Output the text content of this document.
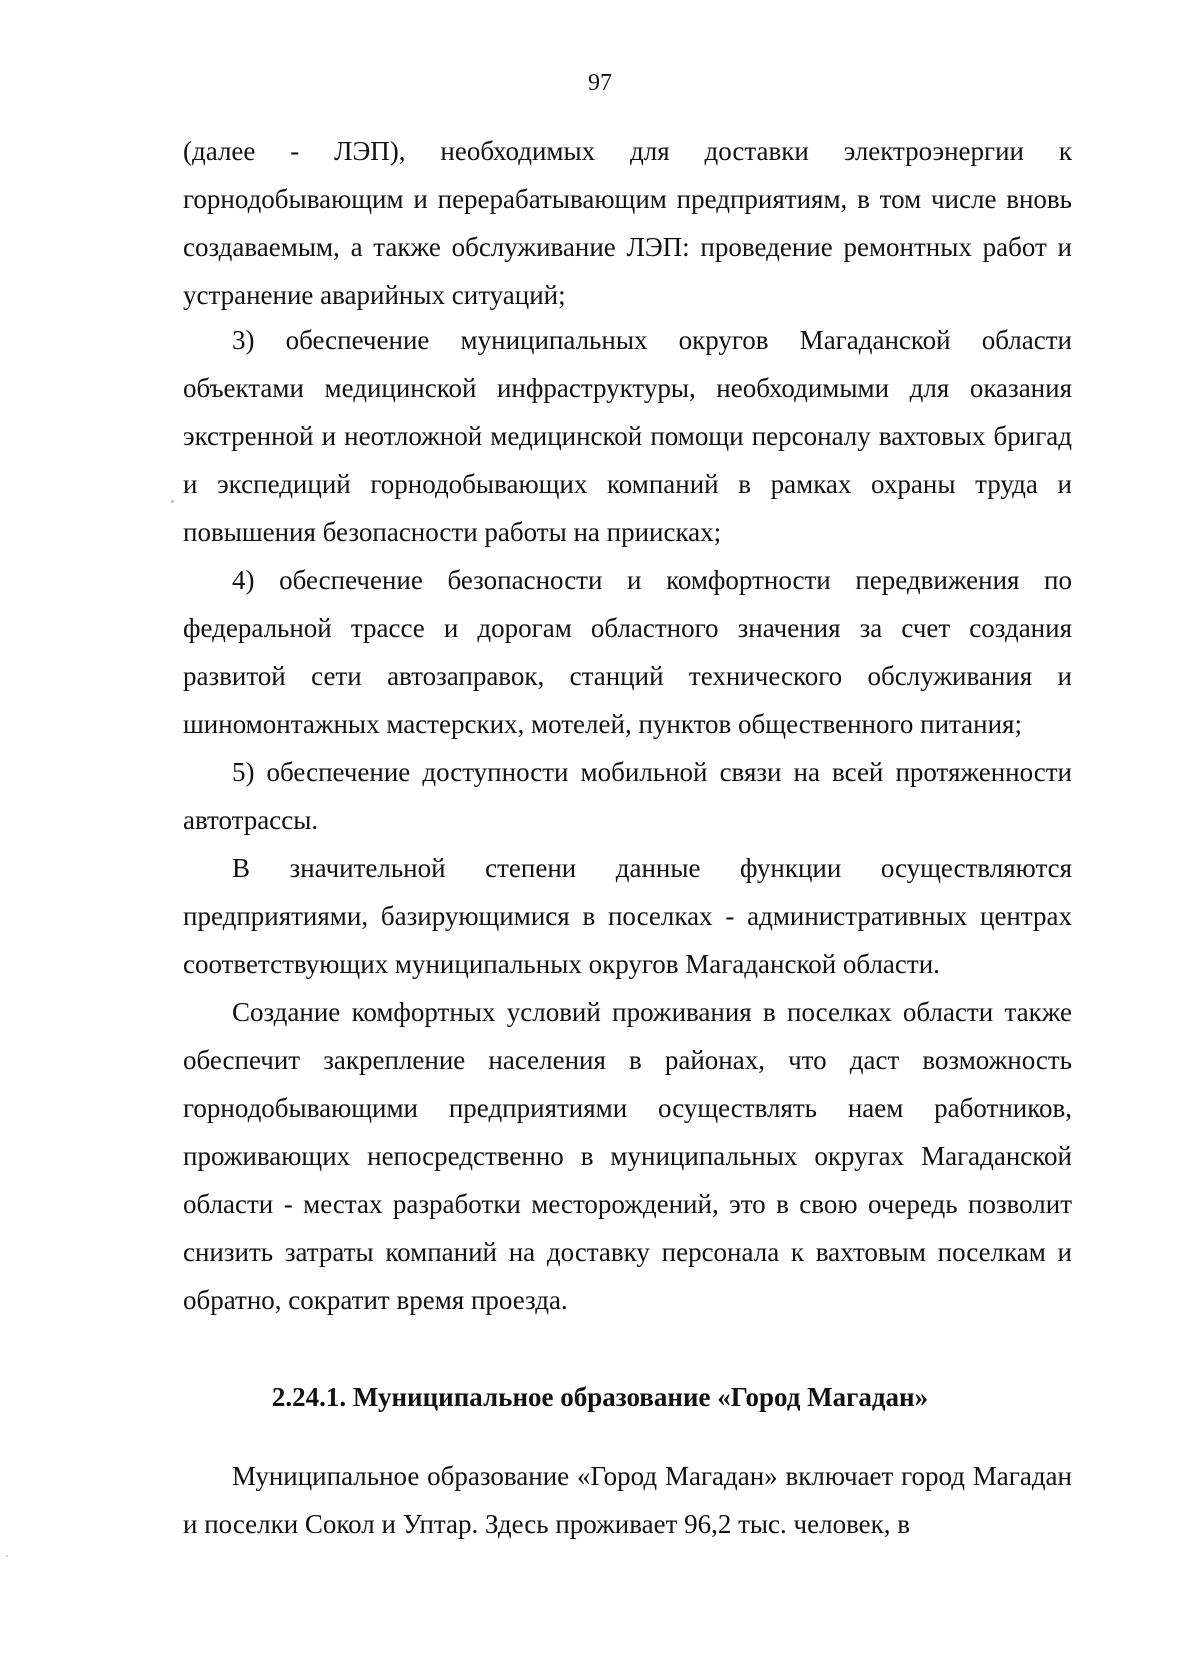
97

(далее - ЛЭП), необходимых для доставки электроэнергии к горнодобывающим и перерабатывающим предприятиям, в том числе вновь создаваемым, а также обслуживание ЛЭП: проведение ремонтных работ и устранение аварийных ситуаций;

3) обеспечение муниципальных округов Магаданской области объектами медицинской инфраструктуры, необходимыми для оказания экстренной и неотложной медицинской помощи персоналу вахтовых бригад и экспедиций горнодобывающих компаний в рамках охраны труда и повышения безопасности работы на приисках;

4) обеспечение безопасности и комфортности передвижения по федеральной трассе и дорогам областного значения за счет создания развитой сети автозаправок, станций технического обслуживания и шиномонтажных мастерских, мотелей, пунктов общественного питания;

5) обеспечение доступности мобильной связи на всей протяженности автотрассы.

В значительной степени данные функции осуществляются предприятиями, базирующимися в поселках - административных центрах соответствующих муниципальных округов Магаданской области.

Создание комфортных условий проживания в поселках области также обеспечит закрепление населения в районах, что даст возможность горнодобывающими предприятиями осуществлять наем работников, проживающих непосредственно в муниципальных округах Магаданской области - местах разработки месторождений, это в свою очередь позволит снизить затраты компаний на доставку персонала к вахтовым поселкам и обратно, сократит время проезда.

2.24.1. Муниципальное образование «Город Магадан»

Муниципальное образование «Город Магадан» включает город Магадан и поселки Сокол и Уптар. Здесь проживает 96,2 тыс. человек, в
